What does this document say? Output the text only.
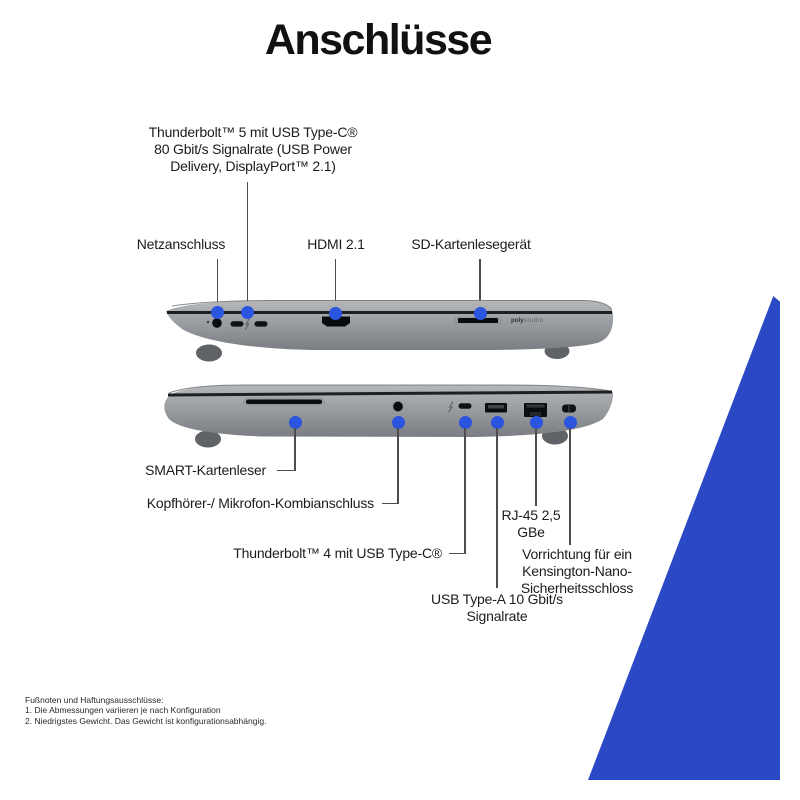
Anschlüsse
Thunderbolt™ 5 mit USB Type-C®
80 Gbit/s Signalrate (USB Power
Delivery, DisplayPort™ 2.1)
Netzanschluss	HDMI 2.1	SD-Kartenlesegerät
polystudio
SMART-Kartenleser
Kopfhörer-/ Mikrofon-Kombianschluss
Thunderbolt™ 4 mit USB Type-C®
USB Type-A 10 Gbit/s
Signalrate
RJ-45 2,5
GBe
Vorrichtung für ein
Kensington-Nano-
Sicherheitsschloss
Fußnoten und Haftungsausschlüsse:
1. Die Abmessungen variieren je nach Konfiguration
2. Niedrigstes Gewicht. Das Gewicht ist konfigurationsabhängig.
